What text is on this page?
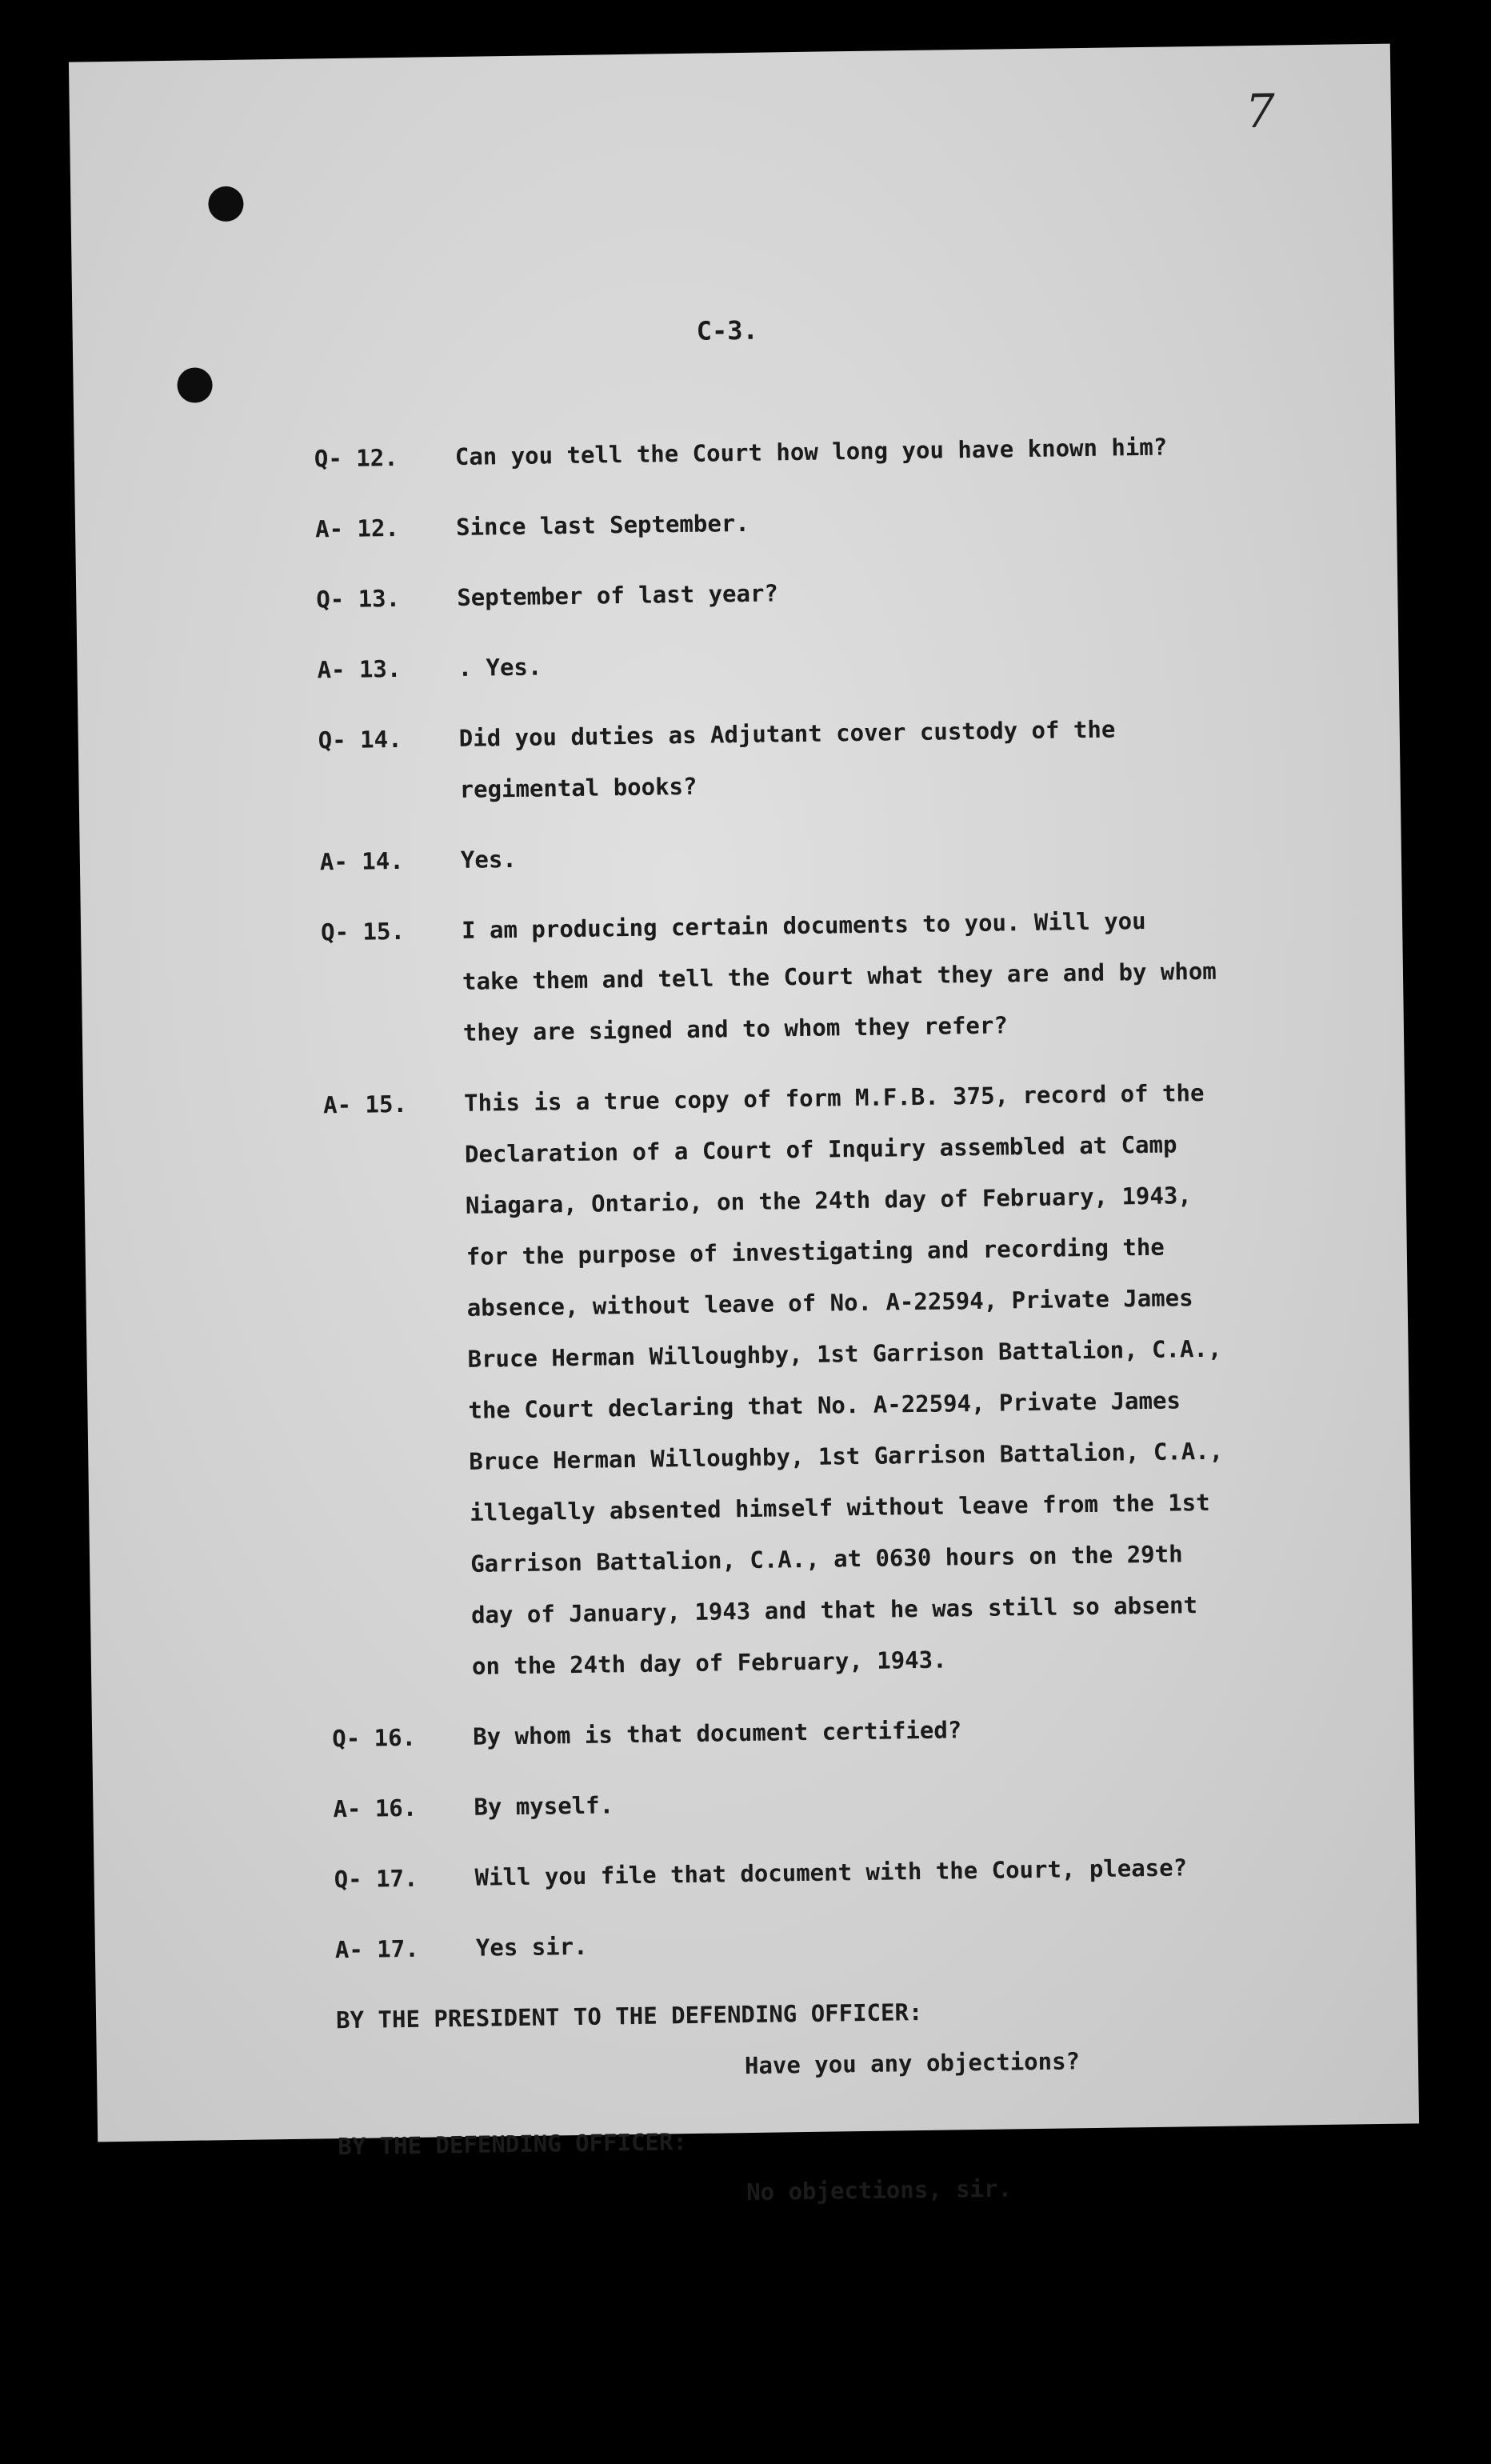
7
C-3.
Q- 12.	Can you tell the Court how long you have known him?
A- 12.	Since last September.
Q- 13.	September of last year?
A- 13.	. Yes.
Q- 14.	Did you duties as Adjutant cover custody of the
regimental books?
A- 14.	Yes.
Q- 15.	I am producing certain documents to you. Will you
take them and tell the Court what they are and by whom
they are signed and to whom they refer?
A- 15.	This is a true copy of form M.F.B. 375, record of the
Declaration of a Court of Inquiry assembled at Camp
Niagara, Ontario, on the 24th day of February, 1943,
for the purpose of investigating and recording the
absence, without leave of No. A-22594, Private James
Bruce Herman Willoughby, 1st Garrison Battalion, C.A.,
the Court declaring that No. A-22594, Private James
Bruce Herman Willoughby, 1st Garrison Battalion, C.A.,
illegally absented himself without leave from the 1st
Garrison Battalion, C.A., at 0630 hours on the 29th
day of January, 1943 and that he was still so absent
on the 24th day of February, 1943.
Q- 16.	By whom is that document certified?
A- 16.	By myself.
Q- 17.	Will you file that document with the Court, please?
A- 17.	Yes sir.
BY THE PRESIDENT TO THE DEFENDING OFFICER:
Have you any objections?
BY THE DEFENDING OFFICER:
No objections, sir.
